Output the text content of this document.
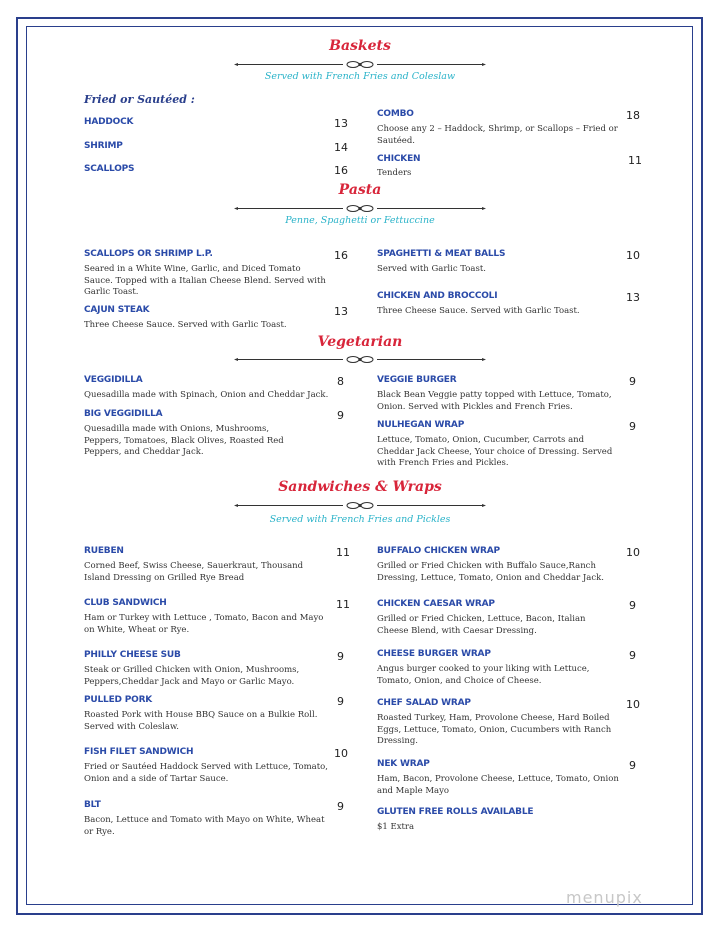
Baskets
Served with French Fries and Coleslaw
Fried or Sautéed :
HADDOCK	13
SHRIMP	14
SCALLOPS	16
COMBO	18
Choose any 2 – Haddock, Shrimp, or Scallops – Fried or Sautéed.
CHICKEN	11
Tenders
Pasta
Penne, Spaghetti or Fettuccine
SCALLOPS OR SHRIMP L.P.	16
Seared in a White Wine, Garlic, and Diced Tomato Sauce. Topped with a Italian Cheese Blend. Served with Garlic Toast.
CAJUN STEAK	13
Three Cheese Sauce. Served with Garlic Toast.
SPAGHETTI & MEAT BALLS	10
Served with Garlic Toast.
CHICKEN AND BROCCOLI	13
Three Cheese Sauce. Served with Garlic Toast.
Vegetarian
VEGGIDILLA	8
Quesadilla made with Spinach, Onion and Cheddar Jack.
BIG VEGGIDILLA	9
Quesadilla made with Onions, Mushrooms, Peppers, Tomatoes, Black Olives, Roasted Red Peppers, and Cheddar Jack.
VEGGIE BURGER	9
Black Bean Veggie patty topped with Lettuce, Tomato, Onion. Served with Pickles and French Fries.
NULHEGAN WRAP	9
Lettuce, Tomato, Onion, Cucumber, Carrots and Cheddar Jack Cheese, Your choice of Dressing. Served with French Fries and Pickles.
Sandwiches & Wraps
Served with French Fries and Pickles
RUEBEN	11
Corned Beef, Swiss Cheese, Sauerkraut, Thousand Island Dressing on Grilled Rye Bread
CLUB SANDWICH	11
Ham or Turkey with Lettuce , Tomato, Bacon and Mayo on White, Wheat or Rye.
PHILLY CHEESE SUB	9
Steak or Grilled Chicken with Onion, Mushrooms, Peppers,Cheddar Jack and Mayo or Garlic Mayo.
PULLED PORK	9
Roasted Pork with House BBQ Sauce on a Bulkie Roll. Served with Coleslaw.
FISH FILET SANDWICH	10
Fried or Sautéed Haddock Served with Lettuce, Tomato, Onion and a side of Tartar Sauce.
BLT	9
Bacon, Lettuce and Tomato with Mayo on White, Wheat or Rye.
BUFFALO CHICKEN WRAP	10
Grilled or Fried Chicken with Buffalo Sauce,Ranch Dressing, Lettuce, Tomato, Onion and Cheddar Jack.
CHICKEN CAESAR WRAP	9
Grilled or Fried Chicken, Lettuce, Bacon, Italian Cheese Blend, with Caesar Dressing.
CHEESE BURGER WRAP	9
Angus burger cooked to your liking with Lettuce, Tomato, Onion, and Choice of Cheese.
CHEF SALAD WRAP	10
Roasted Turkey, Ham, Provolone Cheese, Hard Boiled Eggs, Lettuce, Tomato, Onion, Cucumbers with Ranch Dressing.
NEK WRAP	9
Ham, Bacon, Provolone Cheese, Lettuce, Tomato, Onion and Maple Mayo
GLUTEN FREE ROLLS AVAILABLE
$1 Extra
menupix
